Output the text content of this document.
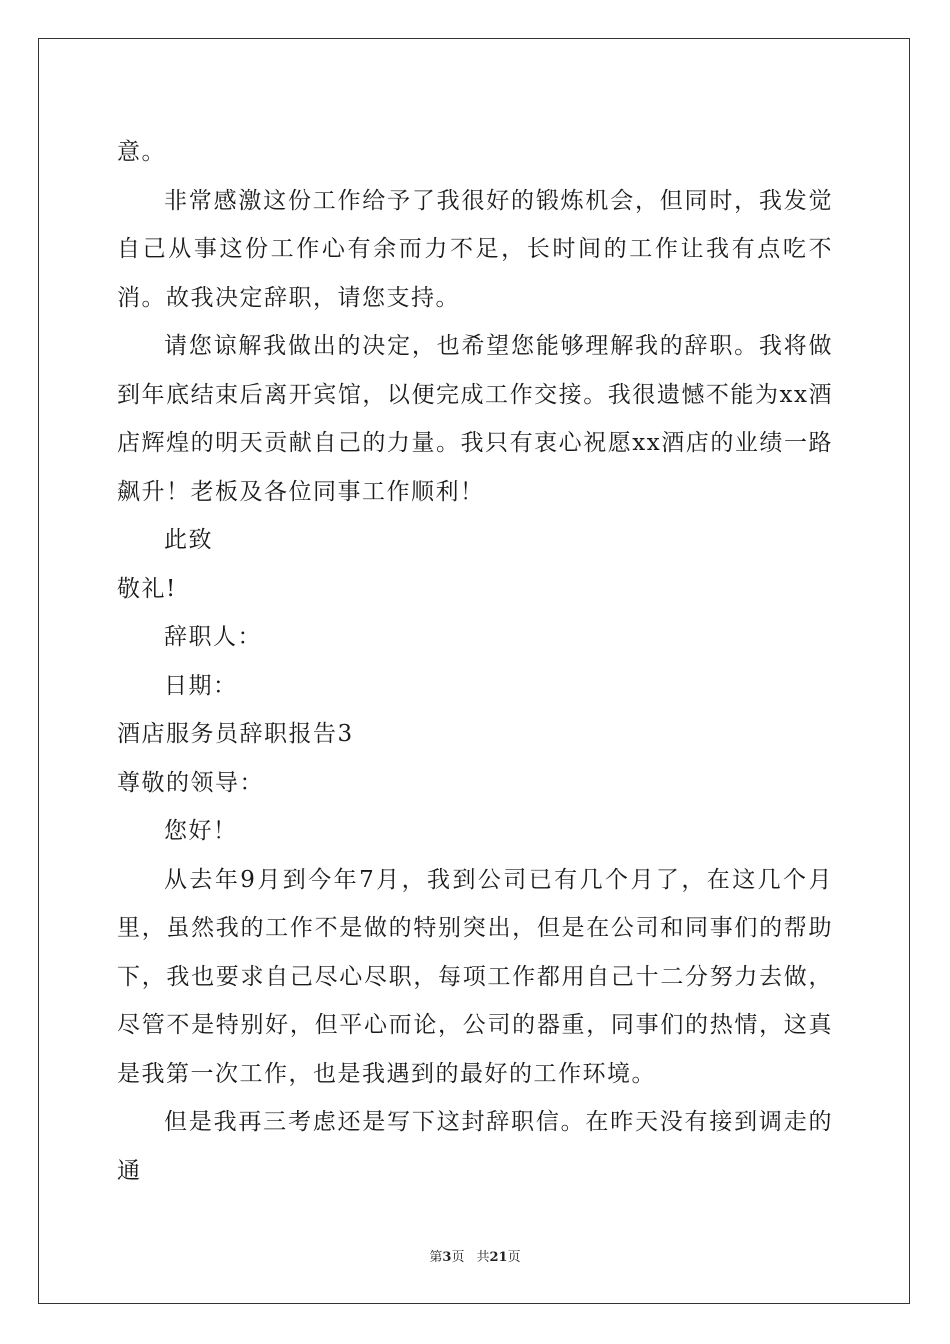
意。

非常感激这份工作给予了我很好的锻炼机会，但同时，我发觉自己从事这份工作心有余而力不足，长时间的工作让我有点吃不消。故我决定辞职，请您支持。

请您谅解我做出的决定，也希望您能够理解我的辞职。我将做到年底结束后离开宾馆，以便完成工作交接。我很遗憾不能为xx酒店辉煌的明天贡献自己的力量。我只有衷心祝愿xx酒店的业绩一路飙升！老板及各位同事工作顺利！

此致

敬礼!

辞职人：

日期：

酒店服务员辞职报告3

尊敬的领导：

您好！

从去年9月到今年7月，我到公司已有几个月了，在这几个月里，虽然我的工作不是做的特别突出，但是在公司和同事们的帮助下，我也要求自己尽心尽职，每项工作都用自己十二分努力去做，尽管不是特别好，但平心而论，公司的器重，同事们的热情，这真是我第一次工作，也是我遇到的最好的工作环境。

但是我再三考虑还是写下这封辞职信。在昨天没有接到调走的通

第3页 共21页
